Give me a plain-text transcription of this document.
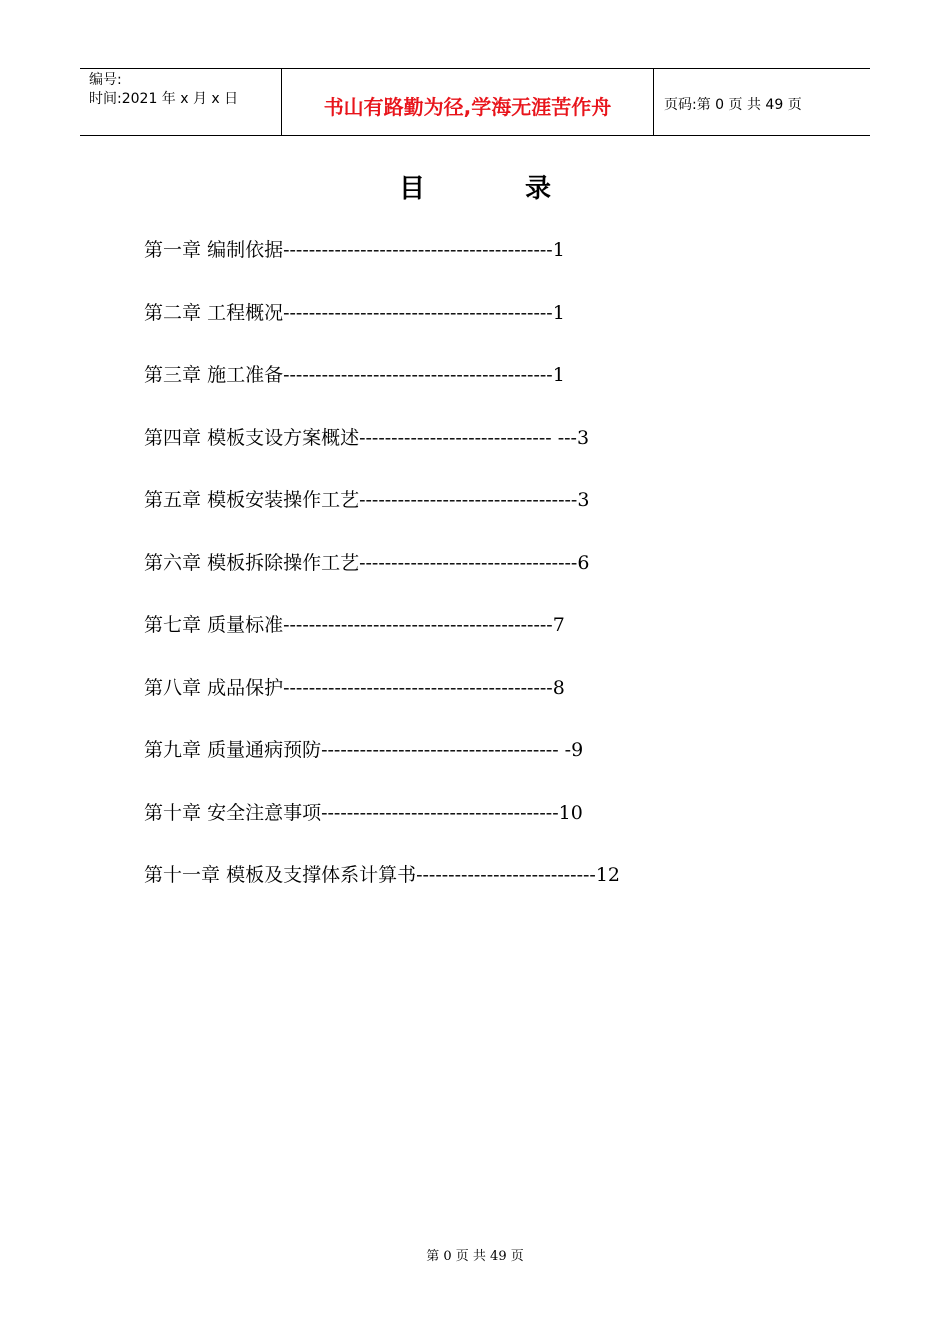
编号:
时间:2021 年 x 月 x 日	书山有路勤为径,学海无涯苦作舟	页码:第 0 页 共 49 页
目	录
第一章 编制依据------------------------------------------1
第二章 工程概况------------------------------------------1
第三章 施工准备------------------------------------------1
第四章 模板支设方案概述------------------------------ ---3
第五章 模板安装操作工艺----------------------------------3
第六章 模板拆除操作工艺----------------------------------6
第七章 质量标准------------------------------------------7
第八章 成品保护------------------------------------------8
第九章 质量通病预防------------------------------------- -9
第十章 安全注意事项-------------------------------------10
第十一章 模板及支撑体系计算书----------------------------12
第 0 页 共 49 页
